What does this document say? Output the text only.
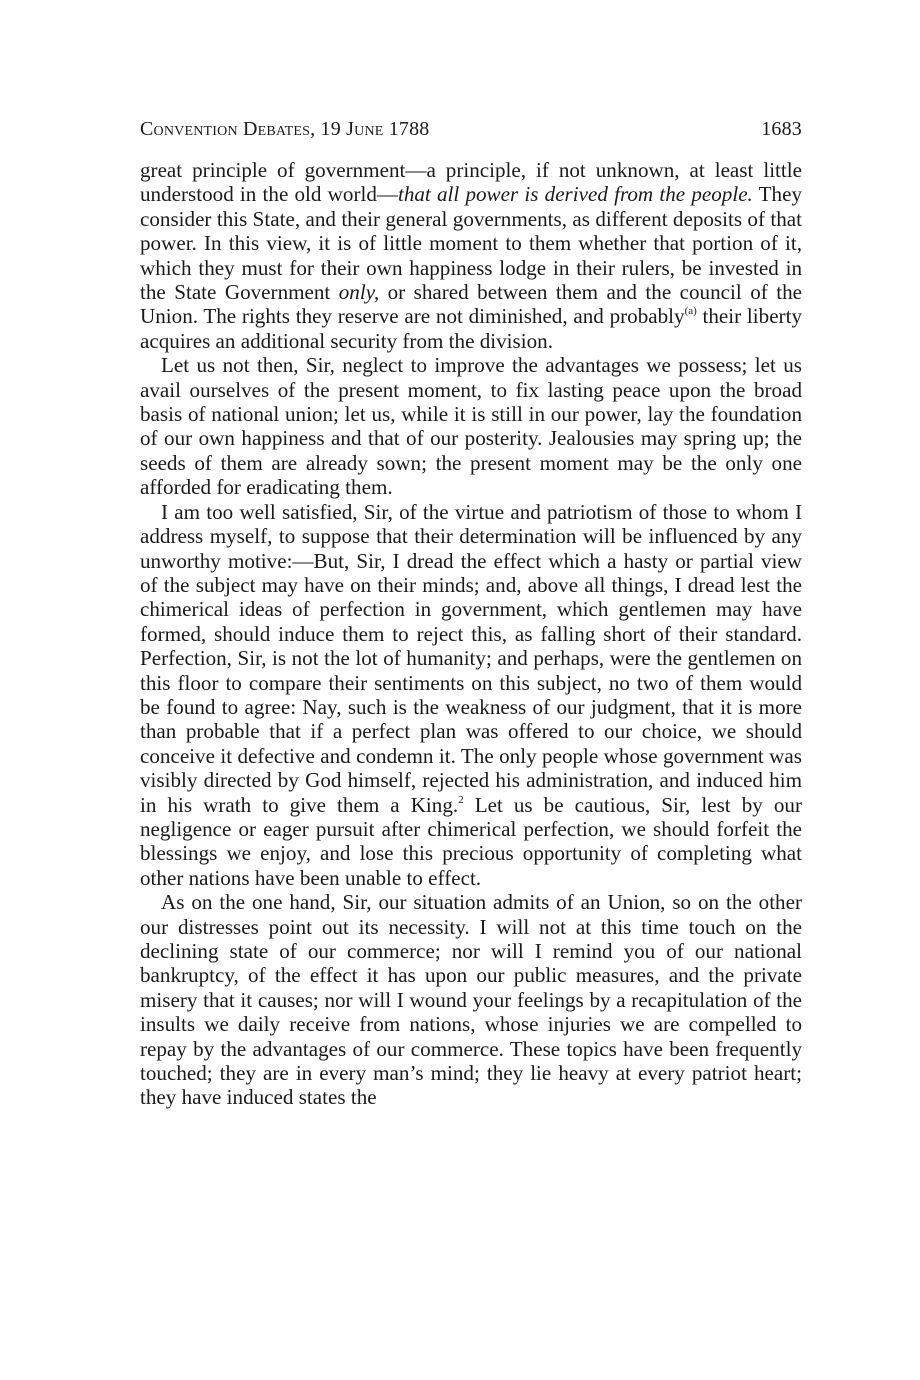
Convention Debates, 19 June 1788	1683

great principle of government—a principle, if not unknown, at least little understood in the old world—that all power is derived from the people. They consider this State, and their general governments, as different deposits of that power. In this view, it is of little moment to them whether that portion of it, which they must for their own happiness lodge in their rulers, be invested in the State Government only, or shared between them and the council of the Union. The rights they reserve are not diminished, and probably$^{(a)}$ their liberty acquires an additional security from the division.

Let us not then, Sir, neglect to improve the advantages we possess; let us avail ourselves of the present moment, to fix lasting peace upon the broad basis of national union; let us, while it is still in our power, lay the foundation of our own happiness and that of our posterity. Jealousies may spring up; the seeds of them are already sown; the present moment may be the only one afforded for eradicating them.

I am too well satisfied, Sir, of the virtue and patriotism of those to whom I address myself, to suppose that their determination will be influenced by any unworthy motive:—But, Sir, I dread the effect which a hasty or partial view of the subject may have on their minds; and, above all things, I dread lest the chimerical ideas of perfection in government, which gentlemen may have formed, should induce them to reject this, as falling short of their standard. Perfection, Sir, is not the lot of humanity; and perhaps, were the gentlemen on this floor to compare their sentiments on this subject, no two of them would be found to agree: Nay, such is the weakness of our judgment, that it is more than probable that if a perfect plan was offered to our choice, we should conceive it defective and condemn it. The only people whose government was visibly directed by God himself, rejected his administration, and induced him in his wrath to give them a King.$^2$ Let us be cautious, Sir, lest by our negligence or eager pursuit after chimerical perfection, we should forfeit the blessings we enjoy, and lose this precious opportunity of completing what other nations have been unable to effect.

As on the one hand, Sir, our situation admits of an Union, so on the other our distresses point out its necessity. I will not at this time touch on the declining state of our commerce; nor will I remind you of our national bankruptcy, of the effect it has upon our public measures, and the private misery that it causes; nor will I wound your feelings by a recapitulation of the insults we daily receive from nations, whose injuries we are compelled to repay by the advantages of our commerce. These topics have been frequently touched; they are in every man’s mind; they lie heavy at every patriot heart; they have induced states the
